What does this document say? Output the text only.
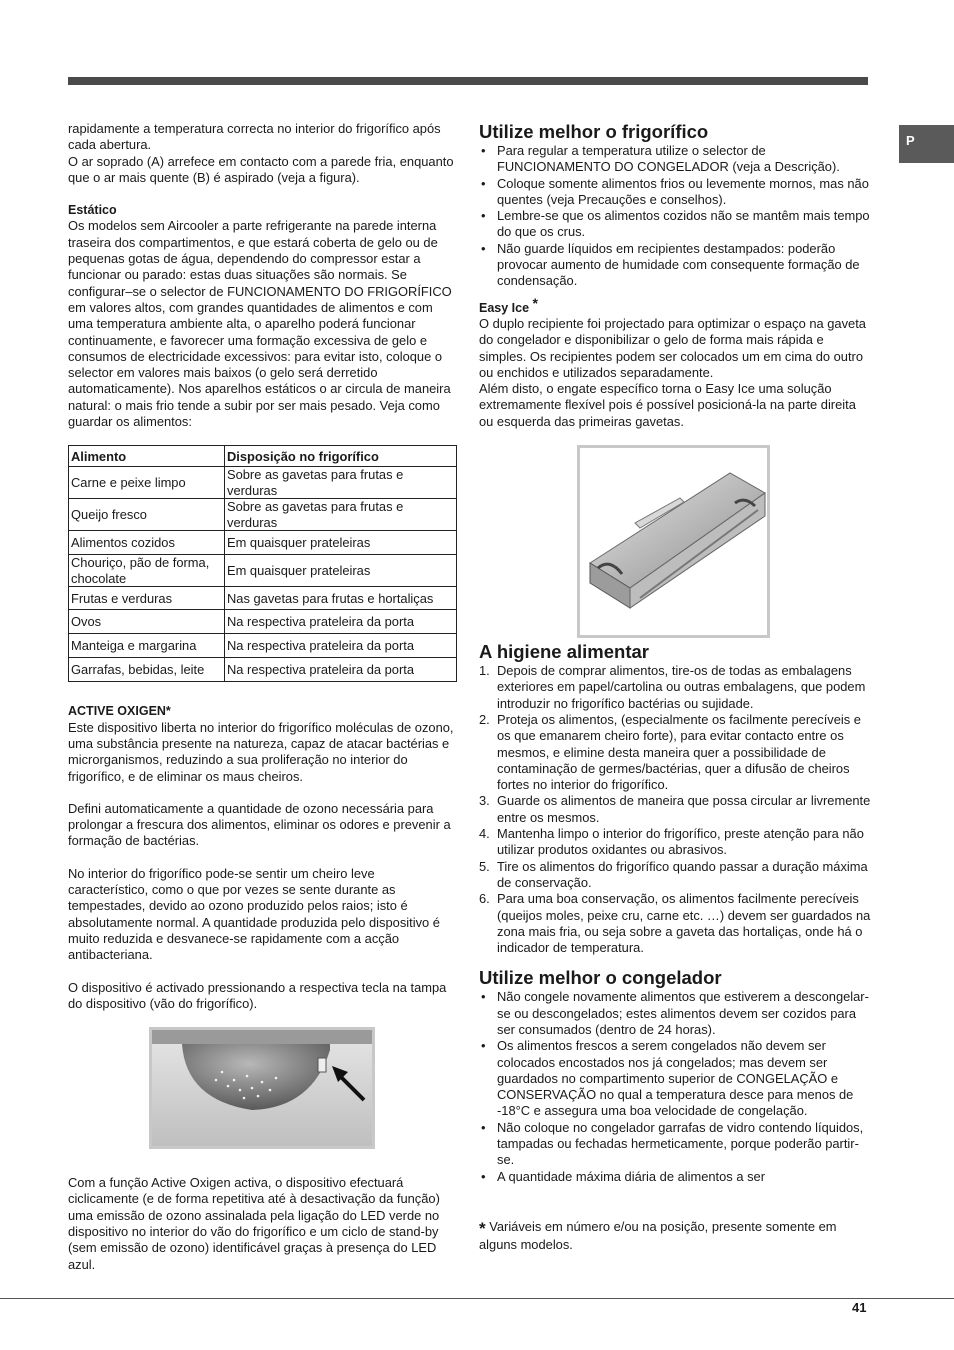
P

rapidamente a temperatura correcta no interior do frigorífico após cada abertura.

O ar soprado (A) arrefece em contacto com a parede fria, enquanto que o ar mais quente (B) é aspirado (veja a figura).

Estático

Os modelos sem Aircooler a parte refrigerante na parede interna traseira dos compartimentos, e que estará coberta de gelo ou de pequenas gotas de água, dependendo do compressor estar a funcionar ou parado: estas duas situações são normais. Se configurar–se o selector de FUNCIONAMENTO DO FRIGORÍFICO em valores altos, com grandes quantidades de alimentos e com uma temperatura ambiente alta, o aparelho poderá funcionar continuamente, e favorecer uma formação excessiva de gelo e consumos de electricidade excessivos: para evitar isto, coloque o selector em valores mais baixos (o gelo será derretido automaticamente). Nos aparelhos estáticos o ar circula de maneira natural: o mais frio tende a subir por ser mais pesado. Veja como guardar os alimentos:

Alimento	Disposição no frigorífico
Carne e peixe limpo	Sobre as gavetas para frutas e verduras
Queijo fresco	Sobre as gavetas para frutas e verduras
Alimentos cozidos	Em quaisquer prateleiras
Chouriço, pão de forma, chocolate	Em quaisquer prateleiras
Frutas e verduras	Nas gavetas para frutas e hortaliças
Ovos	Na respectiva prateleira da porta
Manteiga e margarina	Na respectiva prateleira da porta
Garrafas, bebidas, leite	Na respectiva prateleira da porta

ACTIVE OXIGEN*

Este dispositivo liberta no interior do frigorífico moléculas de ozono, uma substância presente na natureza, capaz de atacar bactérias e microrganismos, reduzindo a sua proliferação no interior do frigorífico, e de eliminar os maus cheiros.

Defini automaticamente a quantidade de ozono necessária para prolongar a frescura dos alimentos, eliminar os odores e prevenir a formação de bactérias.

No interior do frigorífico pode-se sentir um cheiro leve característico, como o que por vezes se sente durante as tempestades, devido ao ozono produzido pelos raios; isto é absolutamente normal. A quantidade produzida pelo dispositivo é muito reduzida e desvanece-se rapidamente com a acção antibacteriana.

O dispositivo é activado pressionando a respectiva tecla na tampa do dispositivo (vão do frigorífico).

Com a função Active Oxigen activa, o dispositivo efectuará ciclicamente (e de forma repetitiva até à desactivação da função) uma emissão de ozono assinalada pela ligação do LED verde no dispositivo no interior do vão do frigorífico e um ciclo de stand-by (sem emissão de ozono) identificável graças à presença do LED azul.

Utilize melhor o frigorífico
• Para regular a temperatura utilize o selector de FUNCIONAMENTO DO CONGELADOR (veja a Descrição).
• Coloque somente alimentos frios ou levemente mornos, mas não quentes (veja Precauções e conselhos).
• Lembre-se que os alimentos cozidos não se mantêm mais tempo do que os crus.
• Não guarde líquidos em recipientes destampados: poderão provocar aumento de humidade com consequente formação de condensação.

Easy Ice *

O duplo recipiente foi projectado para optimizar o espaço na gaveta do congelador e disponibilizar o gelo de forma mais rápida e simples. Os recipientes podem ser colocados um em cima do outro ou enchidos e utilizados separadamente.

Além disto, o engate específico torna o Easy Ice uma solução extremamente flexível pois é possível posicioná-la na parte direita ou esquerda das primeiras gavetas.

A higiene alimentar
1. Depois de comprar alimentos, tire-os de todas as embalagens exteriores em papel/cartolina ou outras embalagens, que podem introduzir no frigorífico bactérias ou sujidade.
2. Proteja os alimentos, (especialmente os facilmente perecíveis e os que emanarem cheiro forte), para evitar contacto entre os mesmos, e elimine desta maneira quer a possibilidade de contaminação de germes/bactérias, quer a difusão de cheiros fortes no interior do frigorífico.
3. Guarde os alimentos de maneira que possa circular ar livremente entre os mesmos.
4. Mantenha limpo o interior do frigorífico, preste atenção para não utilizar produtos oxidantes ou abrasivos.
5. Tire os alimentos do frigorífico quando passar a duração máxima de conservação.
6. Para uma boa conservação, os alimentos facilmente perecíveis (queijos moles, peixe cru, carne etc. …) devem ser guardados na zona mais fria, ou seja sobre a gaveta das hortaliças, onde há o indicador de temperatura.
Utilize melhor o congelador
• Não congele novamente alimentos que estiverem a descongelar-se ou descongelados; estes alimentos devem ser cozidos para ser consumados (dentro de 24 horas).
• Os alimentos frescos a serem congelados não devem ser colocados encostados nos já congelados; mas devem ser guardados no compartimento superior de CONGELAÇÃO e CONSERVAÇÃO no qual a temperatura desce para menos de -18°C e assegura uma boa velocidade de congelação.
• Não coloque no congelador garrafas de vidro contendo líquidos, tampadas ou fechadas hermeticamente, porque poderão partir-se.
• A quantidade máxima diária de alimentos a ser

* Variáveis em número e/ou na posição, presente somente em alguns modelos.

41
